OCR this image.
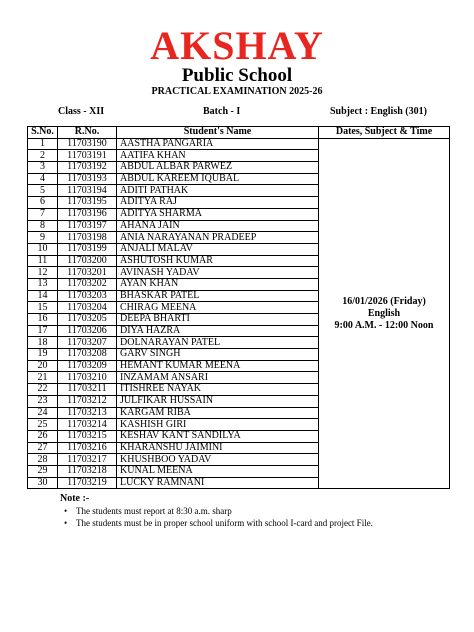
AKSHAY
Public School
PRACTICAL EXAMINATION 2025-26
Class - XII	Batch - I	Subject : English (301)
S.No.	R.No.	Student's Name	Dates, Subject & Time
1	11703190	AASTHA PANGARIA	16/01/2026 (Friday)
English
9:00 A.M. - 12:00 Noon

2	11703191	AATIFA KHAN	
3	11703192	ABDUL ALBAR PARWEZ	
4	11703193	ABDUL KAREEM IQUBAL	
5	11703194	ADITI PATHAK	
6	11703195	ADITYA RAJ	
7	11703196	ADITYA SHARMA	
8	11703197	AHANA JAIN	
9	11703198	ANIA NARAYANAN PRADEEP	
10	11703199	ANJALI MALAV	
11	11703200	ASHUTOSH KUMAR	
12	11703201	AVINASH YADAV	
13	11703202	AYAN KHAN	
14	11703203	BHASKAR PATEL	
15	11703204	CHIRAG MEENA	
16	11703205	DEEPA BHARTI	
17	11703206	DIYA HAZRA	
18	11703207	DOLNARAYAN PATEL	
19	11703208	GARV SINGH	
20	11703209	HEMANT KUMAR MEENA	
21	11703210	INZAMAM ANSARI	
22	11703211	ITISHREE NAYAK	
23	11703212	JULFIKAR HUSSAIN	
24	11703213	KARGAM RIBA	
25	11703214	KASHISH GIRI	
26	11703215	KESHAV KANT SANDILYA	
27	11703216	KHARANSHU JAIMINI	
28	11703217	KHUSHBOO YADAV	
29	11703218	KUNAL MEENA	
30	11703219	LUCKY RAMNANI	
Note :-
• The students must report at 8:30 a.m. sharp
• The students must be in proper school uniform with school I-card and project File.
